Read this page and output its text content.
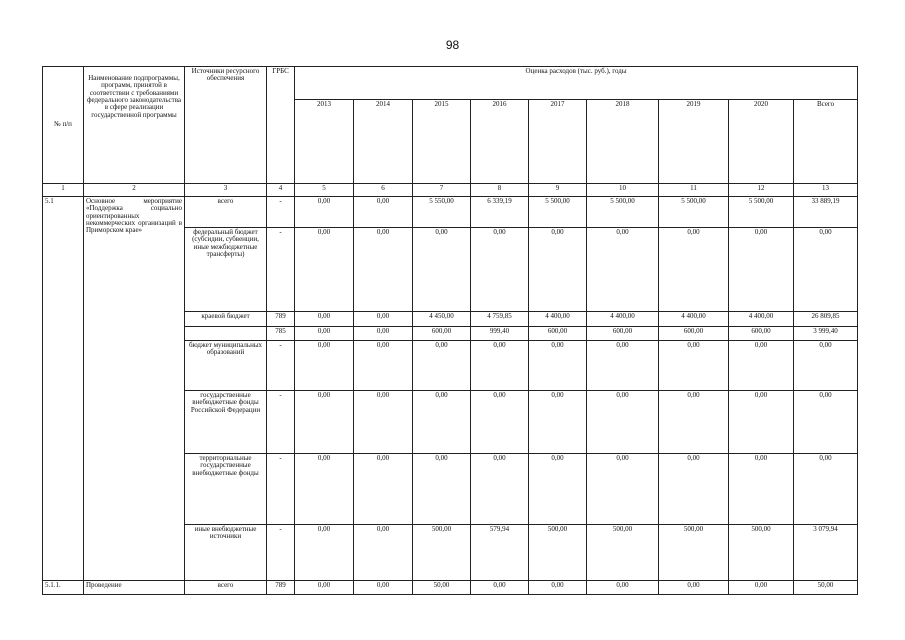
98
№ п/п	Наименование подпрограммы, программ, принятой в соответствии с требованиями федерального законодательства в сфере реализации государственной программы	Источники ресурсного обеспечения	ГРБС	Оценка расходов (тыс. руб.), годы								
				2013	2014	2015	2016	2017	2018	2019	2020	Всего
1	2	3	4	5	6	7	8	9	10	11	12	13
5.1	Основное мероприятие «Поддержка социально ориентированных некоммерческих организаций в Приморском крае»	всего	-	0,00	0,00	5 550,00	6 339,19	5 500,00	5 500,00	5 500,00	5 500,00	33 889,19
		федеральный бюджет (субсидии, субвенции, иные межбюджетные трансферты)	-	0,00	0,00	0,00	0,00	0,00	0,00	0,00	0,00	0,00
		краевой бюджет	789	0,00	0,00	4 450,00	4 759,85	4 400,00	4 400,00	4 400,00	4 400,00	26 809,85
			785	0,00	0,00	600,00	999,40	600,00	600,00	600,00	600,00	3 999,40
		бюджет муниципальных образований	-	0,00	0,00	0,00	0,00	0,00	0,00	0,00	0,00	0,00
		государственные внебюджетные фонды Российской Федерации	-	0,00	0,00	0,00	0,00	0,00	0,00	0,00	0,00	0,00
		территориальные государственные внебюджетные фонды	-	0,00	0,00	0,00	0,00	0,00	0,00	0,00	0,00	0,00
		иные внебюджетные источники	-	0,00	0,00	500,00	579,94	500,00	500,00	500,00	500,00	3 079,94
5.1.1.	Проведение	всего	789	0,00	0,00	50,00	0,00	0,00	0,00	0,00	0,00	50,00
